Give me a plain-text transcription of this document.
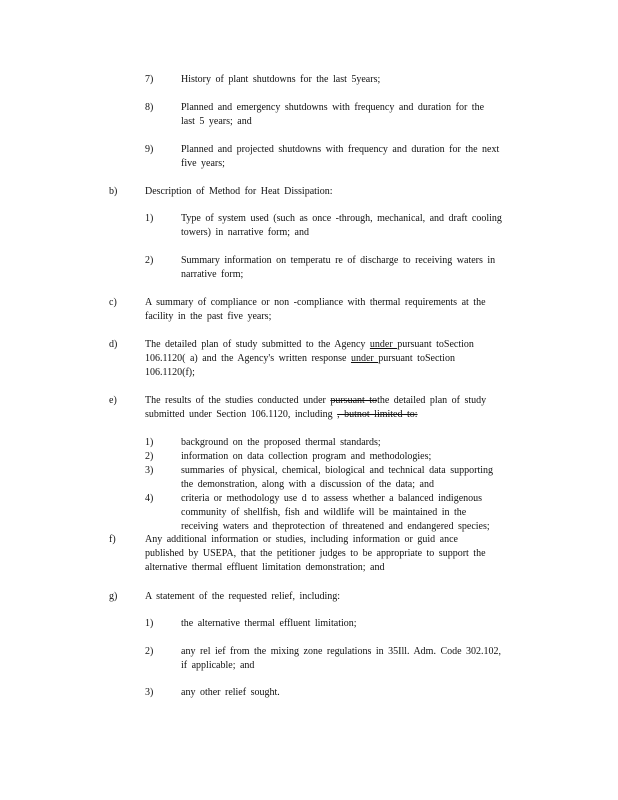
7)	History of plant shutdowns for the last 5years;
8)	Planned and emergency shutdowns with frequency and duration for the
last 5 years; and
9)	Planned and projected shutdowns with frequency and duration for the next
five years;
b)	Description of Method for Heat Dissipation:
1)	Type of system used (such as once -through, mechanical, and draft cooling
towers) in narrative form; and
2)	Summary information on temperatu re of discharge to receiving waters in
narrative form;
c)	A summary of compliance or non -compliance with thermal requirements at the
facility in the past five years;
d)	The detailed plan of study submitted to the Agency under pursuant toSection
106.1120( a) and the Agency's written response under pursuant toSection
106.1120(f);
e)	The results of the studies conducted under pursuant tothe detailed plan of study
submitted under Section 106.1120, including , butnot limited to:
1)	background on the proposed thermal standards;
2)	information on data collection program and methodologies;
3)	summaries of physical, chemical, biological and technical data supporting
the demonstration, along with a discussion of the data; and
4)	criteria or methodology use d to assess whether a balanced indigenous
community of shellfish, fish and wildlife will be maintained in the
receiving waters and theprotection of threatened and endangered species;
f)	Any additional information or studies, including information or guid ance
published by USEPA, that the petitioner judges to be appropriate to support the
alternative thermal effluent limitation demonstration; and
g)	A statement of the requested relief, including:
1)	the alternative thermal effluent limitation;
2)	any rel ief from the mixing zone regulations in 35Ill. Adm. Code 302.102,
if applicable; and
3)	any other relief sought.
